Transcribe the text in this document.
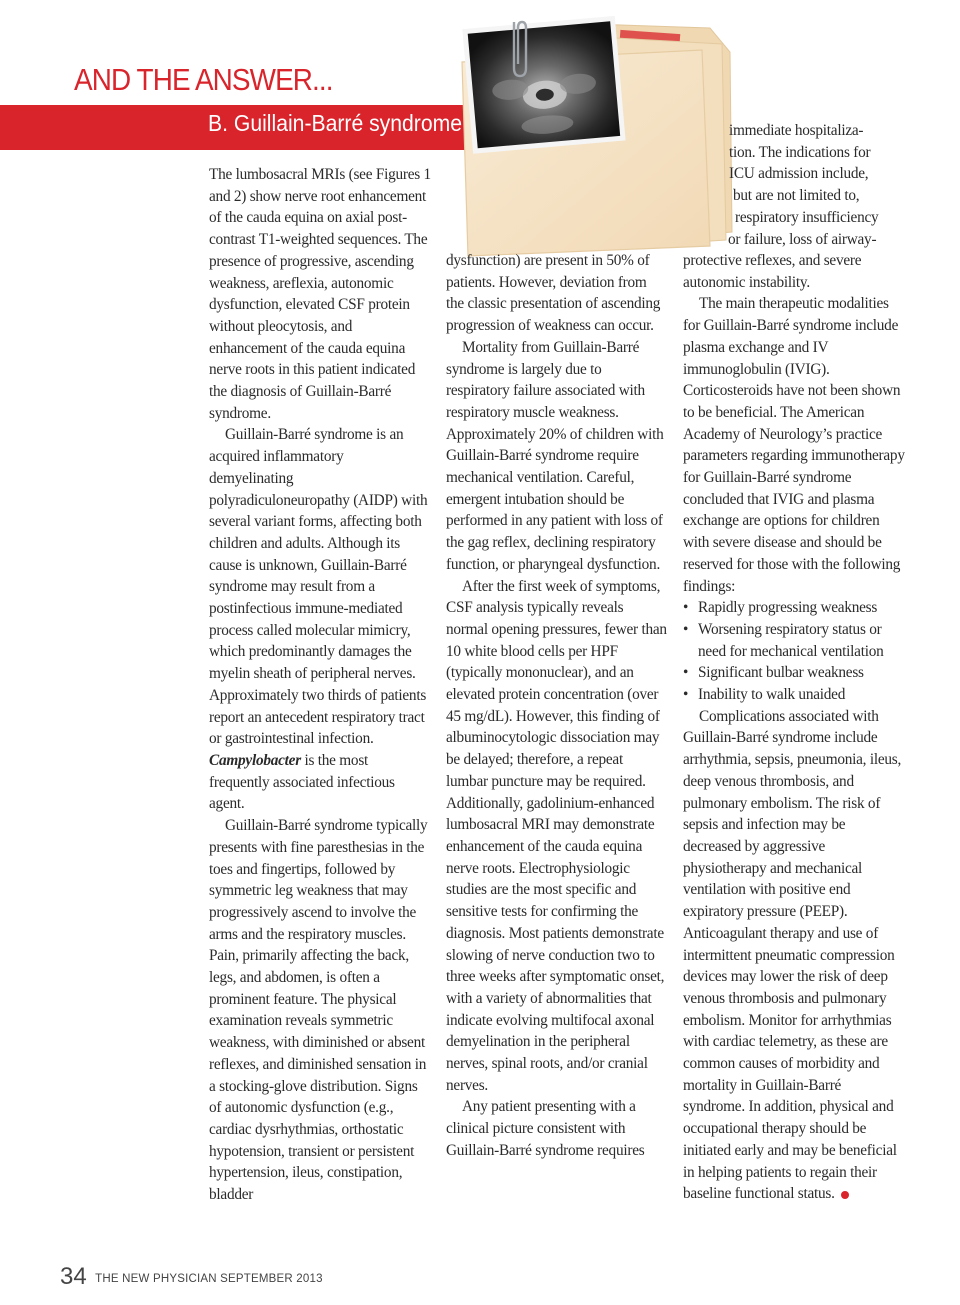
AND THE ANSWER...
B. Guillain-Barré syndrome

The lumbosacral MRIs (see Figures 1 and 2) show nerve root enhancement of the cauda equina on axial post-contrast T1-weighted sequences. The presence of progressive, ascending weakness, areflexia, autonomic dysfunction, elevated CSF protein without pleocytosis, and enhancement of the cauda equina nerve roots in this patient indicated the diagnosis of Guillain-Barré syndrome.

Guillain-Barré syndrome is an acquired inflammatory demyelinating polyradiculoneuropathy (AIDP) with several variant forms, affecting both children and adults. Although its cause is unknown, Guillain-Barré syndrome may result from a postinfectious immune-mediated process called molecular mimicry, which predominantly damages the myelin sheath of peripheral nerves. Approximately two thirds of patients report an antecedent respiratory tract or gastrointestinal infection. Campylobacter is the most frequently associated infectious agent.

Guillain-Barré syndrome typically presents with fine paresthesias in the toes and fingertips, followed by symmetric leg weakness that may progressively ascend to involve the arms and the respiratory muscles. Pain, primarily affecting the back, legs, and abdomen, is often a prominent feature. The physical examination reveals symmetric weakness, with diminished or absent reflexes, and diminished sensation in a stocking-glove distribution. Signs of autonomic dysfunction (e.g., cardiac dysrhythmias, orthostatic hypotension, transient or persistent hypertension, ileus, constipation, bladder

dysfunction) are present in 50% of patients. However, deviation from the classic presentation of ascending progression of weakness can occur.

Mortality from Guillain-Barré syndrome is largely due to respiratory failure associated with respiratory muscle weakness. Approximately 20% of children with Guillain-Barré syndrome require mechanical ventilation. Careful, emergent intubation should be performed in any patient with loss of the gag reflex, declining respiratory function, or pharyngeal dysfunction.

After the first week of symptoms, CSF analysis typically reveals normal opening pressures, fewer than 10 white blood cells per HPF (typically mononuclear), and an elevated protein concentration (over 45 mg/dL). However, this finding of albuminocytologic dissociation may be delayed; therefore, a repeat lumbar puncture may be required. Additionally, gadolinium-enhanced lumbosacral MRI may demonstrate enhancement of the cauda equina nerve roots. Electrophysiologic studies are the most specific and sensitive tests for confirming the diagnosis. Most patients demonstrate slowing of nerve conduction two to three weeks after symptomatic onset, with a variety of abnormalities that indicate evolving multifocal axonal demyelination in the peripheral nerves, spinal roots, and/or cranial nerves.

Any patient presenting with a clinical picture consistent with Guillain-Barré syndrome requires

immediate hospitaliza-
tion. The indications for
ICU admission include,
but are not limited to,
respiratory insufficiency
or failure, loss of airway-

protective reflexes, and severe autonomic instability.

The main therapeutic modalities for Guillain-Barré syndrome include plasma exchange and IV immunoglobulin (IVIG). Corticosteroids have not been shown to be beneficial. The American Academy of Neurology’s practice parameters regarding immunotherapy for Guillain-Barré syndrome concluded that IVIG and plasma exchange are options for children with severe disease and should be reserved for those with the following findings:

• Rapidly progressing weakness
• Worsening respiratory status or need for mechanical ventilation
• Significant bulbar weakness
• Inability to walk unaided

Complications associated with Guillain-Barré syndrome include arrhythmia, sepsis, pneumonia, ileus, deep venous thrombosis, and pulmonary embolism. The risk of sepsis and infection may be decreased by aggressive physiotherapy and mechanical ventilation with positive end expiratory pressure (PEEP). Anticoagulant therapy and use of intermittent pneumatic compression devices may lower the risk of deep venous thrombosis and pulmonary embolism. Monitor for arrhythmias with cardiac telemetry, as these are common causes of morbidity and mortality in Guillain-Barré syndrome. In addition, physical and occupational therapy should be initiated early and may be beneficial in helping patients to regain their baseline functional status.

34 THE NEW PHYSICIAN SEPTEMBER 2013
